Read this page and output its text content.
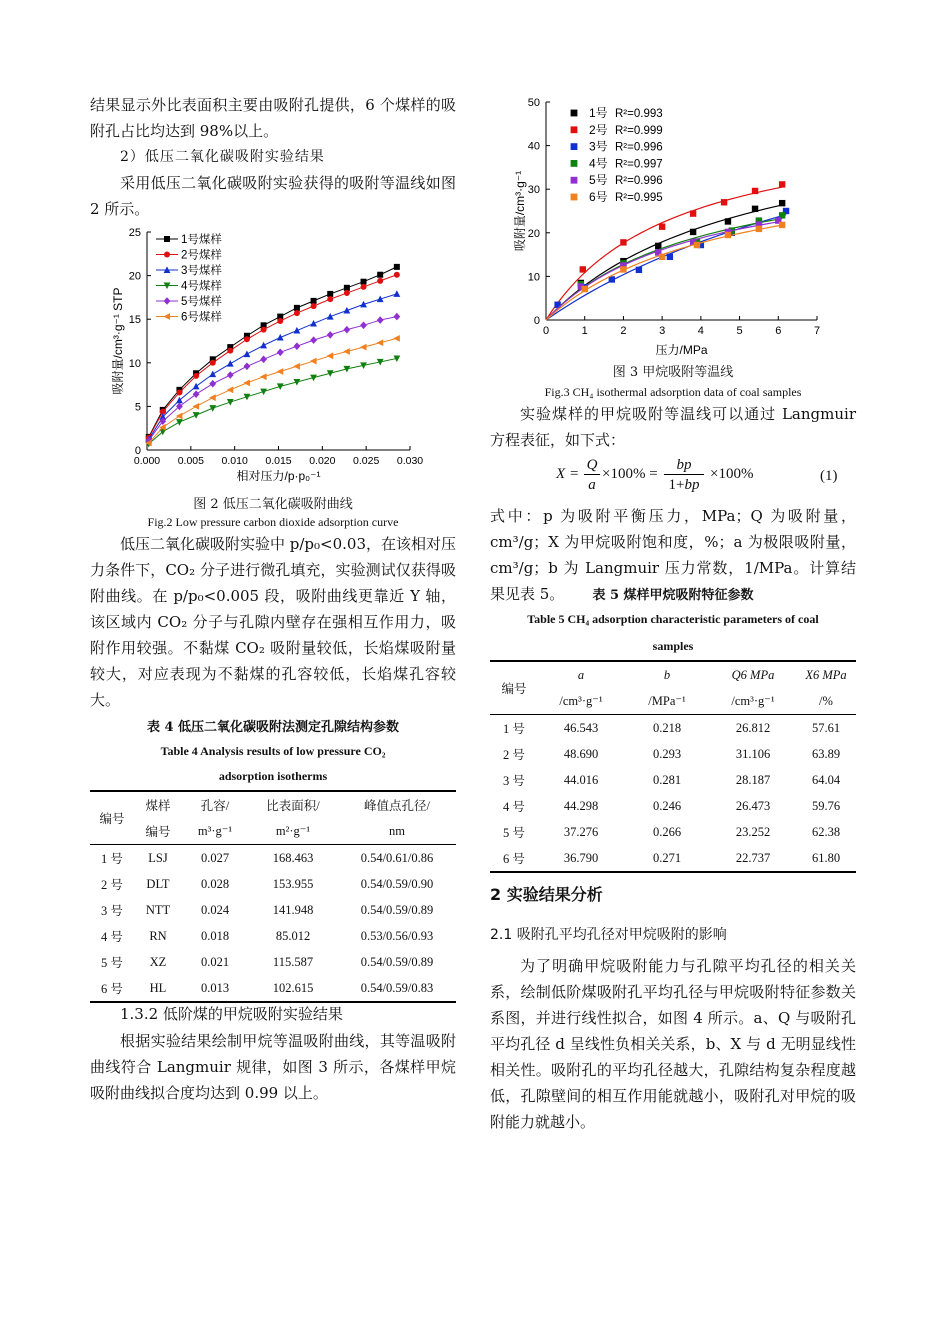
结果显示外比表面积主要由吸附孔提供，6 个煤样的吸附孔占比均达到 98%以上。

2）低压二氧化碳吸附实验结果

采用低压二氧化碳吸附实验获得的吸附等温线如图 2 所示。

0
5
10
15
20
25
0.000 0.005 0.010 0.015 0.020 0.025 0.030
相对压力/p·p₀⁻¹
吸附量/cm³·g⁻¹ STP
1号煤样
2号煤样
3号煤样
4号煤样
5号煤样
6号煤样
图 2 低压二氧化碳吸附曲线
Fig.2 Low pressure carbon dioxide adsorption curve

低压二氧化碳吸附实验中 p/p₀<0.03，在该相对压力条件下，CO₂ 分子进行微孔填充，实验测试仅获得吸附曲线。在 p/p₀<0.005 段，吸附曲线更靠近 Y 轴，该区域内 CO₂ 分子与孔隙内壁存在强相互作用力，吸附作用较强。不黏煤 CO₂ 吸附量较低，长焰煤吸附量较大，对应表现为不黏煤的孔容较低，长焰煤孔容较大。

表 4 低压二氧化碳吸附法测定孔隙结构参数
Table 4 Analysis results of low pressure CO₂
adsorption isotherms
编号	煤样	孔容/	比表面积/	峰值点孔径/
	编号	m³·g⁻¹	m²·g⁻¹	nm
1 号	LSJ	0.027	168.463	0.54/0.61/0.86
2 号	DLT	0.028	153.955	0.54/0.59/0.90
3 号	NTT	0.024	141.948	0.54/0.59/0.89
4 号	RN	0.018	85.012	0.53/0.56/0.93
5 号	XZ	0.021	115.587	0.54/0.59/0.89
6 号	HL	0.013	102.615	0.54/0.59/0.83
1.3.2 低阶煤的甲烷吸附实验结果

根据实验结果绘制甲烷等温吸附曲线，其等温吸附曲线符合 Langmuir 规律，如图 3 所示，各煤样甲烷吸附曲线拟合度均达到 0.99 以上。

0
10
20
30
40
50
0	1	2	3	4	5	6	7
压力/MPa
吸附量/cm³·g⁻¹
1号 R²=0.993
2号 R²=0.999
3号 R²=0.996
4号 R²=0.997
5号 R²=0.996
6号 R²=0.995
图 3 甲烷吸附等温线
Fig.3 CH₄ isothermal adsorption data of coal samples

实验煤样的甲烷吸附等温线可以通过 Langmuir 方程表征，如下式：

X =
Q
a
×100% =
bp
1+bp
×100%	(1)

式中：p 为吸附平衡压力，MPa；Q 为吸附量，cm³/g；X 为甲烷吸附饱和度，%；a 为极限吸附量，cm³/g；b 为 Langmuir 压力常数，1/MPa。计算结果见表 5。	表 5 煤样甲烷吸附特征参数
Table 5 CH₄ adsorption characteristic parameters of coal
samples
编号	a	b	Q6 MPa	X6 MPa
	/cm³·g⁻¹	/MPa⁻¹	/cm³·g⁻¹	/%
1 号	46.543	0.218	26.812	57.61
2 号	48.690	0.293	31.106	63.89
3 号	44.016	0.281	28.187	64.04
4 号	44.298	0.246	26.473	59.76
5 号	37.276	0.266	23.252	62.38
6 号	36.790	0.271	22.737	61.80
2 实验结果分析
2.1 吸附孔平均孔径对甲烷吸附的影响

为了明确甲烷吸附能力与孔隙平均孔径的相关关系，绘制低阶煤吸附孔平均孔径与甲烷吸附特征参数关系图，并进行线性拟合，如图 4 所示。a、Q 与吸附孔平均孔径 d 呈线性负相关关系，b、X 与 d 无明显线性相关性。吸附孔的平均孔径越大，孔隙结构复杂程度越低，孔隙壁间的相互作用能就越小，吸附孔对甲烷的吸附能力就越小。
